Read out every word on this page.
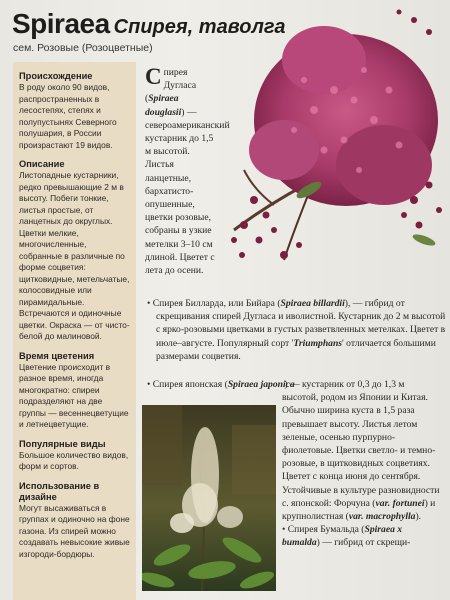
Spiraea Спирея, таволга
сем. Розовые (Розоцветные)

Происхождение

В роду около 90 видов, распространенных в лесостепях, степях и полупустынях Северного полушария, в России произрастают 19 видов.

Описание

Листопадные кустарники, редко превышающие 2 м в высоту. Побеги тонкие, листья простые, от ланцетных до округлых. Цветки мелкие, многочисленные, собранные в различные по форме соцветия: щитковидные, метельчатые, колосовидные или пирамидальные. Встречаются и одиночные цветки. Окраска — от чисто-белой до малиновой.

Время цветения

Цветение происходит в разное время, иногда многократно: спиреи подразделяют на две группы — весеннецветущие и летнецветущие.

Популярные виды

Большое количество видов, форм и сортов.

Использование в дизайне

Могут высаживаться в группах и одиночно на фоне газона. Из спирей можно создавать невысокие живые изгороди-бордюры.

Спирея Дугласа (Spiraea douglasii) — североамериканский кустарник до 1,5 м высотой. Листья ланцетные, бархатисто-опушенные, цветки розовые, собраны в узкие метелки 3–10 см длиной. Цветет с лета до осени.

• Спирея Билларда, или Бийара (Spiraea billardii), — гибрид от скрещивания спирей Дугласа и иволистной. Кустарник до 2 м высотой с ярко-розовыми цветками в густых разветвленных метелках. Цветет в июле–августе. Популярный сорт 'Triumphans' отличается большими размерами соцветия.

• Спирея японская (Spiraea japonica

) — кустарник от 0,3 до 1,3 м высотой, родом из Японии и Китая. Обычно ширина куста в 1,5 раза превышает высоту. Листья летом зеленые, осенью пурпурно-фиолетовые. Цветки светло- и темно-розовые, в щитковидных соцветиях. Цветет с конца июня до сентября. Устойчивые в культуре разновидности с. японской: Форчуна (var. fortunei) и крупнолистная (var. macrophylla).
• Спирея Бумальда (Spiraea x bumalda) — гибрид от скрещи-
